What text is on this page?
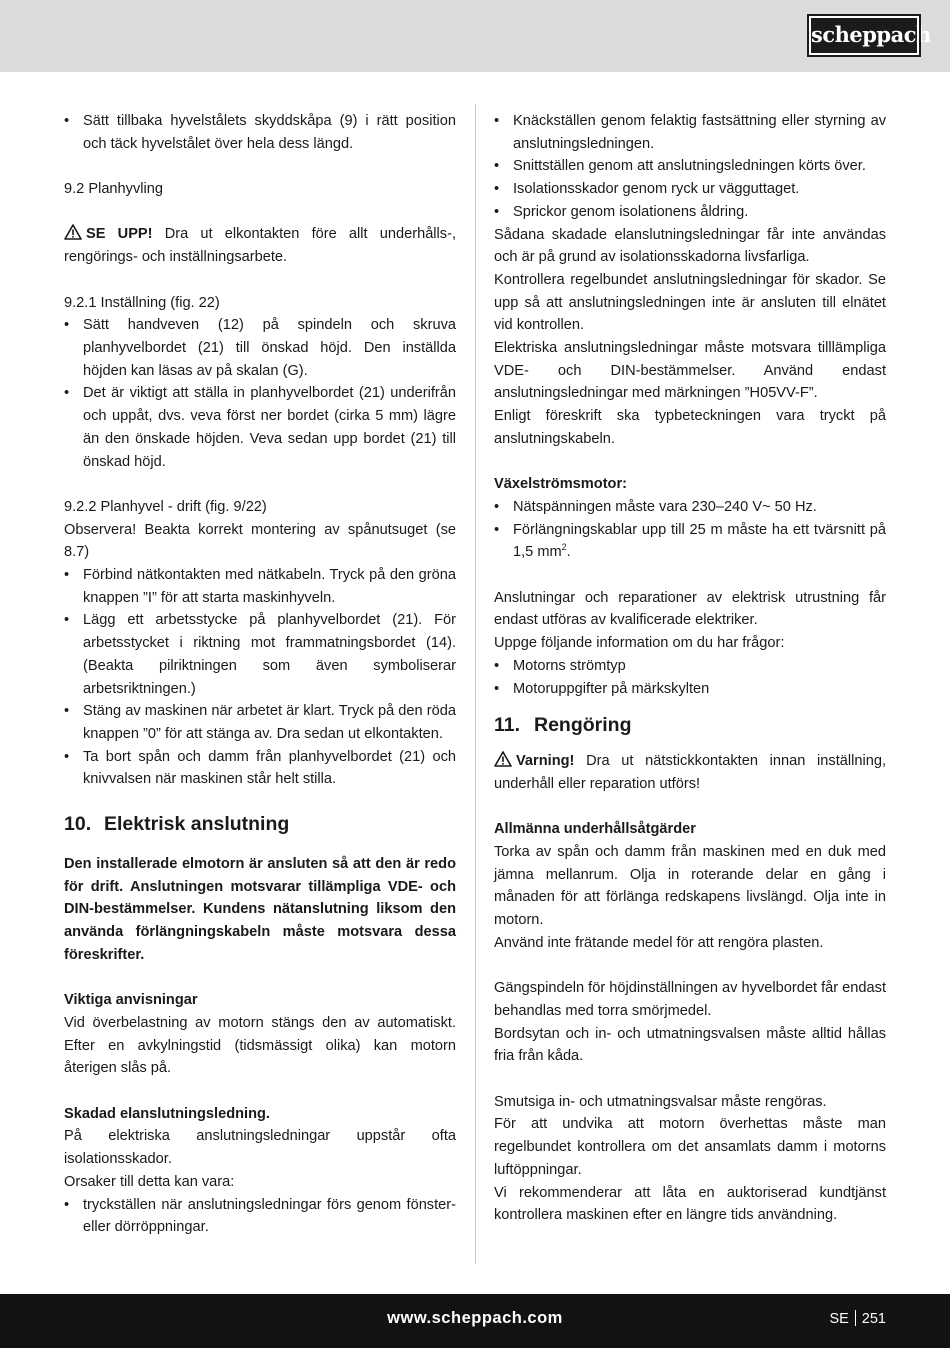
scheppach
• Sätt tillbaka hyvelstålets skyddskåpa (9) i rätt position och täck hyvelstålet över hela dess längd.

9.2 Planhyvling

SE UPP! Dra ut elkontakten före allt underhålls-, rengörings- och inställningsarbete.

9.2.1 Inställning (fig. 22)

• Sätt handveven (12) på spindeln och skruva planhyvelbordet (21) till önskad höjd. Den inställda höjden kan läsas av på skalan (G).
• Det är viktigt att ställa in planhyvelbordet (21) underifrån och uppåt, dvs. veva först ner bordet (cirka 5 mm) lägre än den önskade höjden. Veva sedan upp bordet (21) till önskad höjd.

9.2.2 Planhyvel - drift (fig. 9/22)

Observera! Beakta korrekt montering av spånutsuget (se 8.7)

• Förbind nätkontakten med nätkabeln. Tryck på den gröna knappen ”I” för att starta maskinhyveln.
• Lägg ett arbetsstycke på planhyvelbordet (21). För arbetsstycket i riktning mot frammatningsbordet (14). (Beakta pilriktningen som även symboliserar arbetsriktningen.)
• Stäng av maskinen när arbetet är klart. Tryck på den röda knappen ”0” för att stänga av. Dra sedan ut elkontakten.
• Ta bort spån och damm från planhyvelbordet (21) och knivvalsen när maskinen står helt stilla.
10. Elektrisk anslutning

Den installerade elmotorn är ansluten så att den är redo för drift. Anslutningen motsvarar tillämpliga VDE- och DIN-bestämmelser. Kundens nätanslutning liksom den använda förlängningskabeln måste motsvara dessa föreskrifter.

Viktiga anvisningar

Vid överbelastning av motorn stängs den av automatiskt. Efter en avkylningstid (tidsmässigt olika) kan motorn återigen slås på.

Skadad elanslutningsledning.

På elektriska anslutningsledningar uppstår ofta isolationsskador.

Orsaker till detta kan vara:

• tryckställen när anslutningsledningar förs genom fönster- eller dörröppningar.
• Knäckställen genom felaktig fastsättning eller styrning av anslutningsledningen.
• Snittställen genom att anslutningsledningen körts över.
• Isolationsskador genom ryck ur vägguttaget.
• Sprickor genom isolationens åldring.

Sådana skadade elanslutningsledningar får inte användas och är på grund av isolationsskadorna livsfarliga.

Kontrollera regelbundet anslutningsledningar för skador. Se upp så att anslutningsledningen inte är ansluten till elnätet vid kontrollen.

Elektriska anslutningsledningar måste motsvara tilllämpliga VDE- och DIN-bestämmelser. Använd endast anslutningsledningar med märkningen ”H05VV-F”.

Enligt föreskrift ska typbeteckningen vara tryckt på anslutningskabeln.

Växelströmsmotor:

• Nätspänningen måste vara 230–240 V~ 50 Hz.
• Förlängningskablar upp till 25 m måste ha ett tvärsnitt på 1,5 $mm^2$.

Anslutningar och reparationer av elektrisk utrustning får endast utföras av kvalificerade elektriker.

Uppge följande information om du har frågor:

• Motorns strömtyp
• Motoruppgifter på märkskylten
11. Rengöring

Varning! Dra ut nätstickkontakten innan inställning, underhåll eller reparation utförs!

Allmänna underhållsåtgärder

Torka av spån och damm från maskinen med en duk med jämna mellanrum. Olja in roterande delar en gång i månaden för att förlänga redskapens livslängd. Olja inte in motorn.

Använd inte frätande medel för att rengöra plasten.

Gängspindeln för höjdinställningen av hyvelbordet får endast behandlas med torra smörjmedel.

Bordsytan och in- och utmatningsvalsen måste alltid hållas fria från kåda.

Smutsiga in- och utmatningsvalsar måste rengöras.

För att undvika att motorn överhettas måste man regelbundet kontrollera om det ansamlats damm i motorns luftöppningar.

Vi rekommenderar att låta en auktoriserad kundtjänst kontrollera maskinen efter en längre tids användning.

www.scheppach.com	SE 251
